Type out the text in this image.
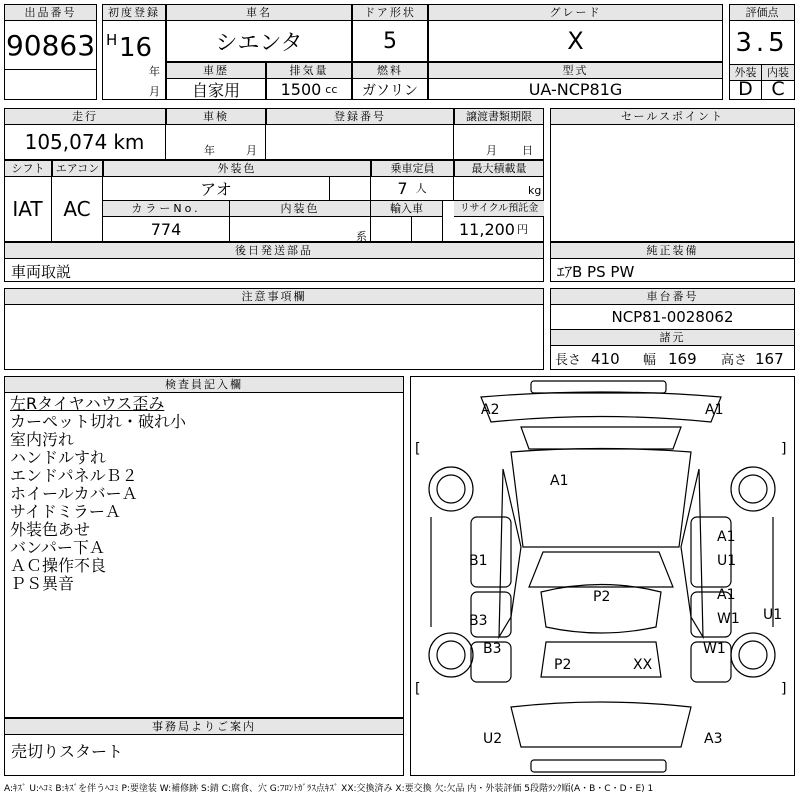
出品番号
90863
初度登録
H 16
年
月
車名
シエンタ
ドア形状
5
グレード
X
評価点
3.5
外装 内装
D C
車歴
自家用
排気量
1500 cc
燃料
ガソリン
型式
UA-NCP81G
走行
105,074 km
車検
年	月
登録番号	譲渡書類期限
月 日
シフト
IAT
エアコン
AC
外装色
アオ
乗車定員
7 人
最大積載量
kg
カラーNo.
774
内装色
系
輸入車	リサイクル預託金
11,200 円
セールスポイント
後日発送部品
車両取説
純正装備
ｴｱB PS PW
注意事項欄	車台番号
NCP81-0028062
諸元
長さ 410 幅 169 高さ 167
検査員記入欄
左Rタイヤハウス歪み
カーペット切れ・破れ小
室内汚れ
ハンドルすれ
エンドパネルＢ２
ホイールカバーＡ
サイドミラーＡ
外装色あせ
バンパー下Ａ
ＡＣ操作不良
ＰＳ異音
事務局よりご案内
売切りスタート
A2	A1
A1
A1
U1
A1
W1
U1
W1
P2
P2	XX
B1
B3
B3
U2	A3
[	]
[	]
A:ｷｽﾞ U:ﾍｺﾐ B:ｷｽﾞを伴うﾍｺﾐ P:要塗装 W:補修跡 S:錆 C:腐食、穴 G:ﾌﾛﾝﾄｶﾞﾗｽ点ｷｽﾞ XX:交換済み X:要交換 欠:欠品 内・外装評価 5段階ﾗﾝｸ順(A・B・C・D・E) 1
